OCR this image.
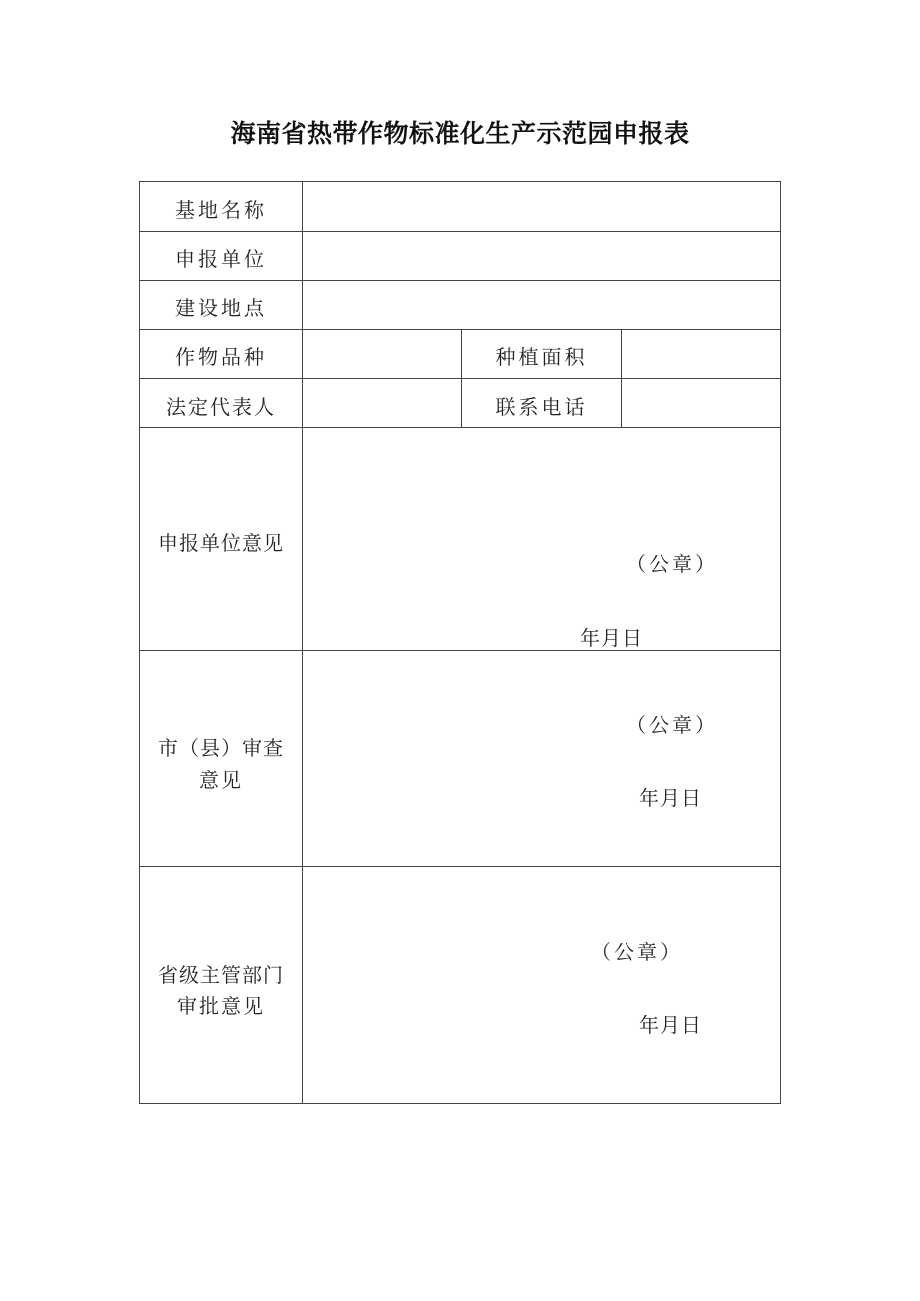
海南省热带作物标准化生产示范园申报表
基地名称
申报单位
建设地点
作物品种	种植面积
法定代表人	联系电话
申报单位意见
（公章）
年月日
市（县）审查
意见
（公章）
年月日
省级主管部门
审批意见
（公章）
年月日
